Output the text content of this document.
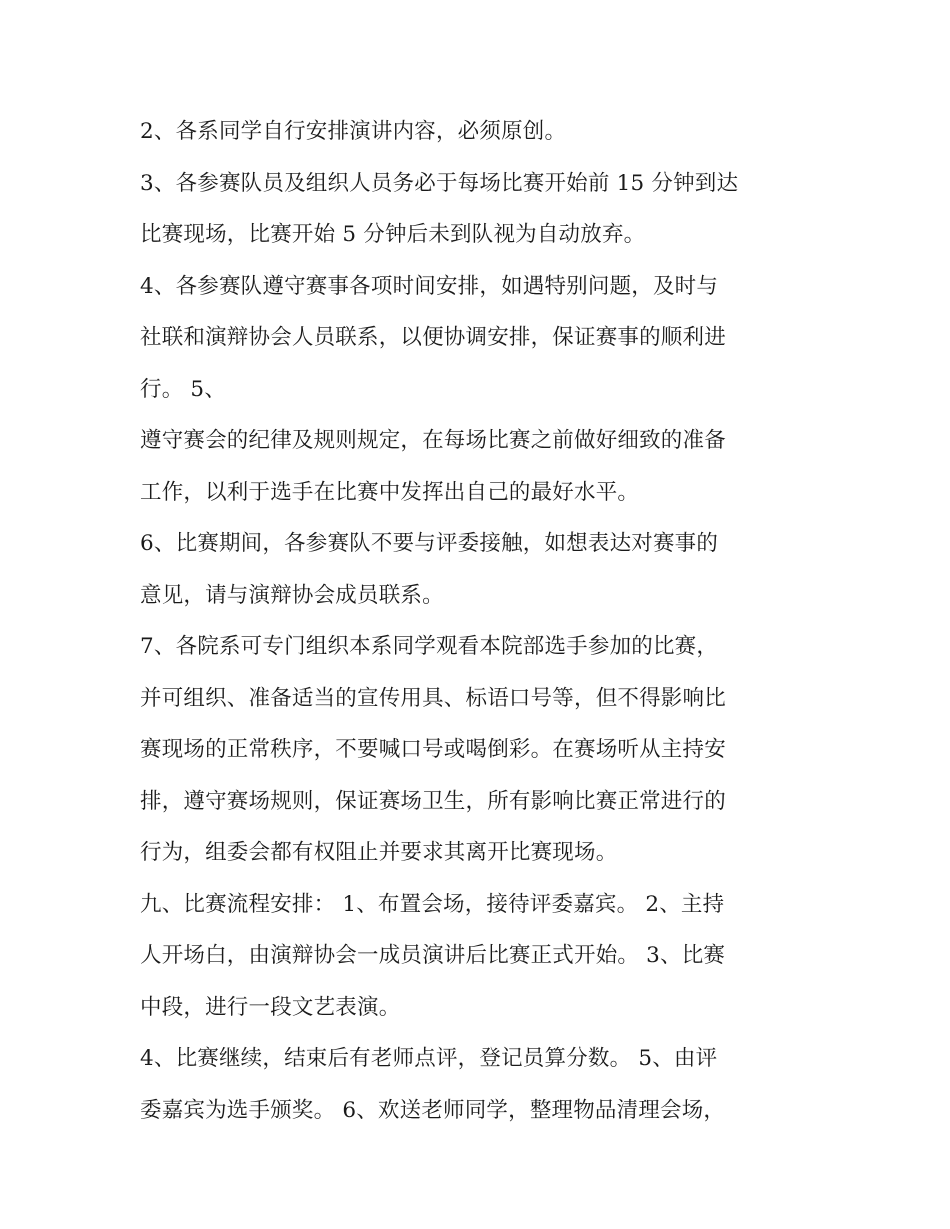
2、各系同学自行安排演讲内容，必须原创。
3、各参赛队员及组织人员务必于每场比赛开始前 15 分钟到达
比赛现场，比赛开始 5 分钟后未到队视为自动放弃。
4、各参赛队遵守赛事各项时间安排，如遇特别问题，及时与
社联和演辩协会人员联系，以便协调安排，保证赛事的顺利进
行。 5、
遵守赛会的纪律及规则规定，在每场比赛之前做好细致的准备
工作，以利于选手在比赛中发挥出自己的最好水平。
6、比赛期间，各参赛队不要与评委接触，如想表达对赛事的
意见，请与演辩协会成员联系。
7、各院系可专门组织本系同学观看本院部选手参加的比赛，
并可组织、准备适当的宣传用具、标语口号等，但不得影响比
赛现场的正常秩序，不要喊口号或喝倒彩。在赛场听从主持安
排，遵守赛场规则，保证赛场卫生，所有影响比赛正常进行的
行为，组委会都有权阻止并要求其离开比赛现场。
九、比赛流程安排： 1、布置会场，接待评委嘉宾。 2、主持
人开场白，由演辩协会一成员演讲后比赛正式开始。 3、比赛
中段，进行一段文艺表演。
4、比赛继续，结束后有老师点评，登记员算分数。 5、由评
委嘉宾为选手颁奖。 6、欢送老师同学，整理物品清理会场，
